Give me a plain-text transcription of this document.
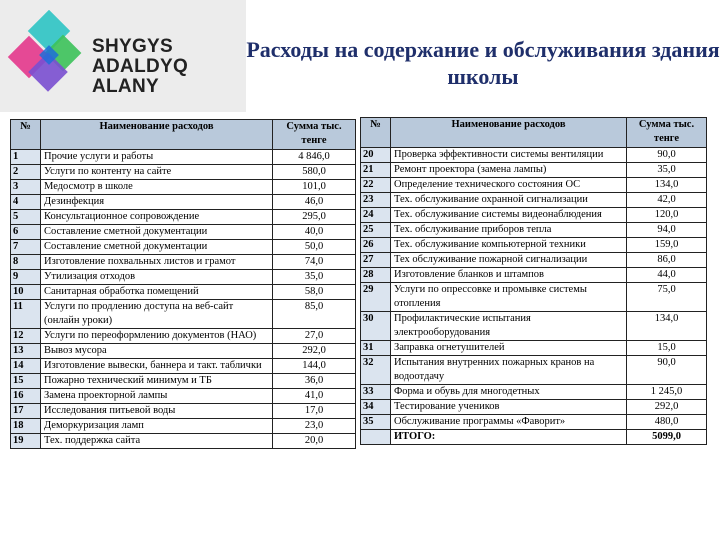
SHYGYS
ADALDYQ ALANY
Расходы на содержание и обслуживания здания школы
№	Наименование расходов	Сумма тыс. тенге
1	Прочие услуги и работы	4 846,0
2	Услуги по контенту на сайте	580,0
3	Медосмотр в школе	101,0
4	Дезинфекция	46,0
5	Консультационное сопровождение	295,0
6	Составление сметной документации	40,0
7	Составление сметной документации	50,0
8	Изготовление похвальных листов и грамот	74,0
9	Утилизация отходов	35,0
10	Санитарная обработка помещений	58,0
11	Услуги по продлению доступа на веб-сайт (онлайн уроки)	85,0
12	Услуги по переоформлению документов (НАО)	27,0
13	Вывоз мусора	292,0
14	Изготовление вывески, баннера и такт. таблички	144,0
15	Пожарно технический минимум и ТБ	36,0
16	Замена проекторной лампы	41,0
17	Исследования питьевой воды	17,0
18	Деморкуризация ламп	23,0
19	Тех. поддержка сайта	20,0
№	Наименование расходов	Сумма тыс. тенге
20	Проверка эффективности системы вентиляции	90,0
21	Ремонт проектора (замена лампы)	35,0
22	Определение технического состояния ОС	134,0
23	Тех. обслуживание охранной сигнализации	42,0
24	Тех. обслуживание системы видеонаблюдения	120,0
25	Тех. обслуживание приборов тепла	94,0
26	Тех. обслуживание компьютерной техники	159,0
27	Тех обслуживание пожарной сигнализации	86,0
28	Изготовление бланков и штампов	44,0
29	Услуги по опрессовке и промывке системы отопления	75,0
30	Профилактические испытания электрооборудования	134,0
31	Заправка огнетушителей	15,0
32	Испытания внутренних пожарных кранов на водоотдачу	90,0
33	Форма и обувь для многодетных	1 245,0
34	Тестирование учеников	292,0
35	Обслуживание программы «Фаворит»	480,0
	ИТОГО:	5099,0
